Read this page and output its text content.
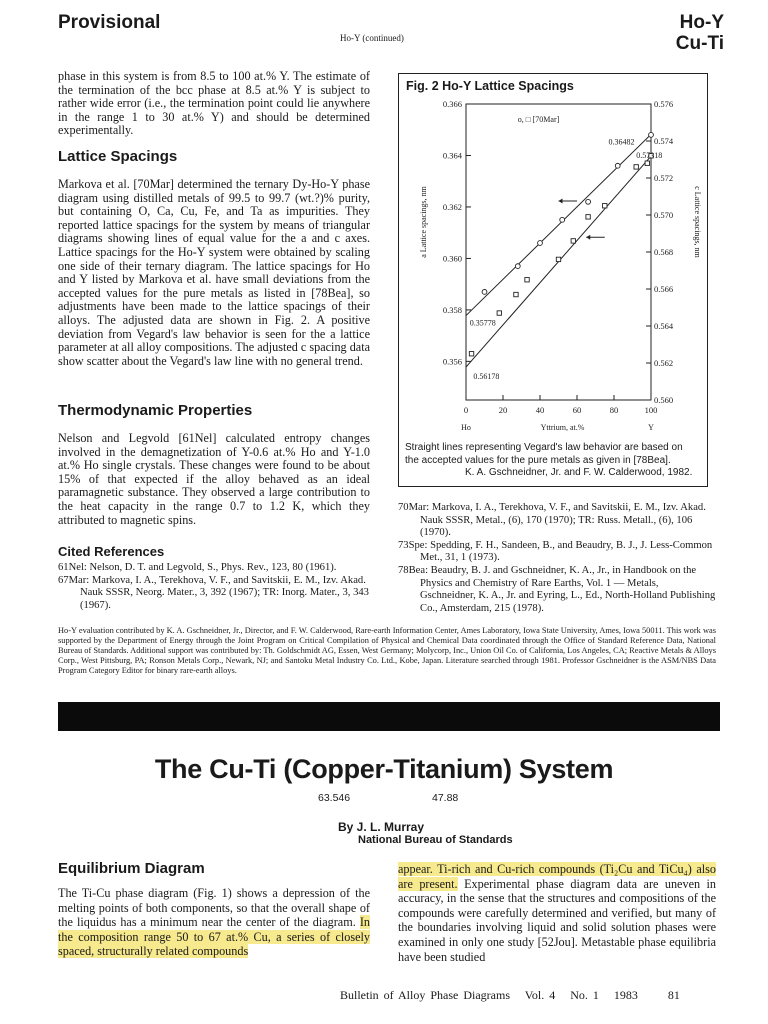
Provisional
Ho-Y (continued)
Ho-Y
Cu-Ti
phase in this system is from 8.5 to 100 at.% Y. The estimate of the termination of the bcc phase at 8.5 at.% Y is subject to rather wide error (i.e., the termination point could lie anywhere in the range 1 to 30 at.% Y) and should be determined experimentally.
Lattice Spacings
Markova et al. [70Mar] determined the ternary Dy-Ho-Y phase diagram using distilled metals of 99.5 to 99.7 (wt.?)% purity, but containing O, Ca, Cu, Fe, and Ta as impurities. They reported lattice spacings for the system by means of triangular diagrams showing lines of equal value for the a and c axes. Lattice spacings for the Ho-Y system were obtained by scaling one side of their ternary diagram. The lattice spacings for Ho and Y listed by Markova et al. have small deviations from the accepted values for the pure metals as listed in [78Bea], so adjustments have been made to the lattice spacings of their alloys. The adjusted data are shown in Fig. 2. A positive deviation from Vegard's law behavior is seen for the a lattice parameter at all alloy compositions. The adjusted c spacing data show scatter about the Vegard's law line with no general trend.
Thermodynamic Properties
Nelson and Legvold [61Nel] calculated entropy changes involved in the demagnetization of Y-0.6 at.% Ho and Y-1.0 at.% Ho single crystals. These changes were found to be about 15% of that expected if the alloy behaved as an ideal paramagnetic substance. They observed a large contribution to the heat capacity in the range 0.7 to 1.2 K, which they attributed to magnetic spins.
Cited References

61Nel: Nelson, D. T. and Legvold, S., Phys. Rev., 123, 80 (1961).

67Mar: Markova, I. A., Terekhova, V. F., and Savitskii, E. M., Izv. Akad. Nauk SSSR, Neorg. Mater., 3, 392 (1967); TR: Inorg. Mater., 3, 343 (1967).

Fig. 2 Ho-Y Lattice Spacings
0.366
0.364
0.362
0.360
0.358
0.356
0.576
0.574
0.572
0.570
0.568
0.566
0.564
0.562
0.560
0	20	40	60	80	100
Ho	Y
Yttrium, at.%
a Lattice spacings, nm	c Lattice spacings, nm
o, □ [70Mar]
0.36482
0.57318
0.35778
0.56178
Straight lines representing Vegard's law behavior are based on
the accepted values for the pure metals as given in [78Bea].
K. A. Gschneidner, Jr. and F. W. Calderwood, 1982.

70Mar: Markova, I. A., Terekhova, V. F., and Savitskii, E. M., Izv. Akad. Nauk SSSR, Metal., (6), 170 (1970); TR: Russ. Metall., (6), 106 (1970).

73Spe: Spedding, F. H., Sandeen, B., and Beaudry, B. J., J. Less-Common Met., 31, 1 (1973).

78Bea: Beaudry, B. J. and Gschneidner, K. A., Jr., in Handbook on the Physics and Chemistry of Rare Earths, Vol. 1 — Metals, Gschneidner, K. A., Jr. and Eyring, L., Ed., North-Holland Publishing Co., Amsterdam, 215 (1978).

Ho-Y evaluation contributed by K. A. Gschneidner, Jr., Director, and F. W. Calderwood, Rare-earth Information Center, Ames Laboratory, Iowa State University, Ames, Iowa 50011. This work was supported by the Department of Energy through the Joint Program on Critical Compilation of Physical and Chemical Data coordinated through the Office of Standard Reference Data, National Bureau of Standards. Additional support was contributed by: Th. Goldschmidt AG, Essen, West Germany; Molycorp, Inc., Union Oil Co. of California, Los Angeles, CA; Reactive Metals & Alloys Corp., West Pittsburg, PA; Ronson Metals Corp., Newark, NJ; and Santoku Metal Industry Co. Ltd., Kobe, Japan. Literature searched through 1981. Professor Gschneidner is the ASM/NBS Data Program Category Editor for binary rare-earth alloys.
The Cu-Ti (Copper-Titanium) System
63.546	47.88
By J. L. Murray
National Bureau of Standards
Equilibrium Diagram
The Ti-Cu phase diagram (Fig. 1) shows a depression of the melting points of both components, so that the overall shape of the liquidus has a minimum near the center of the diagram. In the composition range 50 to 67 at.% Cu, a series of closely spaced, structurally related compounds
appear. Ti-rich and Cu-rich compounds (Ti₂Cu and TiCu₄) also are present. Experimental phase diagram data are uneven in accuracy, in the sense that the structures and compositions of the compounds were carefully determined and verified, but many of the boundaries involving liquid and solid solution phases were examined in only one study [52Jou]. Metastable phase equilibria have been studied
Bulletin of Alloy Phase Diagrams Vol. 4 No. 1 1983	81
